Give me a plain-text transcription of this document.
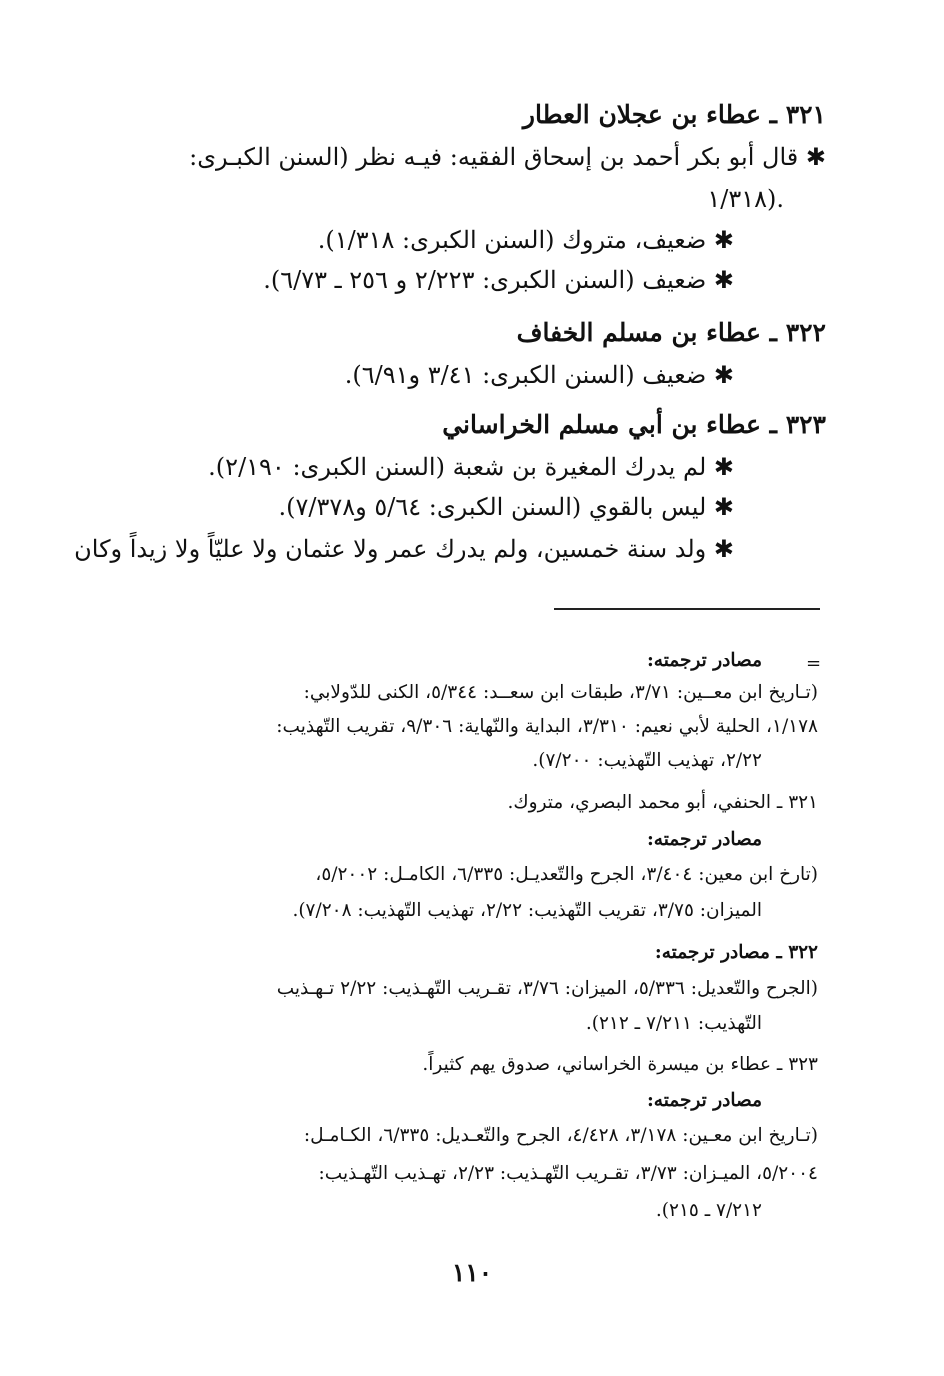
٣٢١ ـ عطاء بن عجلان العطار
✱ قال أبو بكر أحمد بن إسحاق الفقيه: فيـه نظر (السنن الكبـرى:
١/٣١٨).
✱ ضعيف، متروك (السنن الكبرى: ١/٣١٨).
✱ ضعيف (السنن الكبرى: ٢/٢٢٣ و ٢٥٦ ـ ٦/٧٣).
٣٢٢ ـ عطاء بن مسلم الخفاف
✱ ضعيف (السنن الكبرى: ٣/٤١ و٦/٩١).
٣٢٣ ـ عطاء بن أبي مسلم الخراساني
✱ لم يدرك المغيرة بن شعبة (السنن الكبرى: ٢/١٩٠).
✱ ليس بالقوي (السنن الكبرى: ٥/٦٤ و٧/٣٧٨).
✱ ولد سنة خمسين، ولم يدرك عمر ولا عثمان ولا عليّاً ولا زيداً وكان
=
مصادر ترجمته:
(تـاريخ ابن معــين: ٣/٧١، طبقات ابن سعــد: ٥/٣٤٤، الكنى للدّولابي:
١/١٧٨، الحلية لأبي نعيم: ٣/٣١٠، البداية والنّهاية: ٩/٣٠٦، تقريب التّهذيب:
٢/٢٢، تهذيب التّهذيب: ٧/٢٠٠).
٣٢١ ـ الحنفي، أبو محمد البصري، متروك.
مصادر ترجمته:
(تارخ ابن معين: ٣/٤٠٤، الجرح والتّعديـل: ٦/٣٣٥، الكامـل: ٥/٢٠٠٢،
الميزان: ٣/٧٥، تقريب التّهذيب: ٢/٢٢، تهذيب التّهذيب: ٧/٢٠٨).
٣٢٢ ـ مصادر ترجمته:
(الجرح والتّعديل: ٥/٣٣٦، الميزان: ٣/٧٦، تقـريب التّهـذيب: ٢/٢٢ تـهـذيب
التّهذيب: ٧/٢١١ ـ ٢١٢).
٣٢٣ ـ عطاء بن ميسرة الخراساني، صدوق يهم كثيراً.
مصادر ترجمته:
(تـاريخ ابن معـين: ٣/١٧٨، ٤/٤٢٨، الجرح والتّعـديل: ٦/٣٣٥، الكـامـل:
٥/٢٠٠٤، الميـزان: ٣/٧٣، تقـريب التّهـذيب: ٢/٢٣، تهـذيب التّهـذيب:
٧/٢١٢ ـ ٢١٥).
١١٠
